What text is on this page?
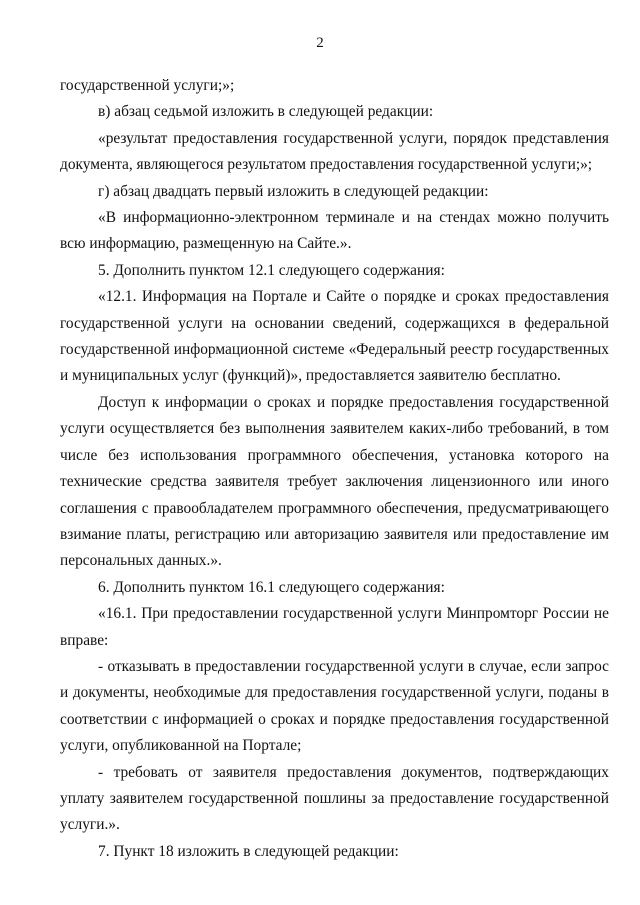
2

государственной услуги;»;

в) абзац седьмой изложить в следующей редакции:

«результат предоставления государственной услуги, порядок представления документа, являющегося результатом предоставления государственной услуги;»;

г) абзац двадцать первый изложить в следующей редакции:

«В информационно-электронном терминале и на стендах можно получить всю информацию, размещенную на Сайте.».

5. Дополнить пунктом 12.1 следующего содержания:

«12.1. Информация на Портале и Сайте о порядке и сроках предоставления государственной услуги на основании сведений, содержащихся в федеральной государственной информационной системе «Федеральный реестр государственных и муниципальных услуг (функций)», предоставляется заявителю бесплатно.

Доступ к информации о сроках и порядке предоставления государственной услуги осуществляется без выполнения заявителем каких-либо требований, в том числе без использования программного обеспечения, установка которого на технические средства заявителя требует заключения лицензионного или иного соглашения с правообладателем программного обеспечения, предусматривающего взимание платы, регистрацию или авторизацию заявителя или предоставление им персональных данных.».

6. Дополнить пунктом 16.1 следующего содержания:

«16.1. При предоставлении государственной услуги Минпромторг России не вправе:

- отказывать в предоставлении государственной услуги в случае, если запрос и документы, необходимые для предоставления государственной услуги, поданы в соответствии с информацией о сроках и порядке предоставления государственной услуги, опубликованной на Портале;

- требовать от заявителя предоставления документов, подтверждающих уплату заявителем государственной пошлины за предоставление государственной услуги.».

7. Пункт 18 изложить в следующей редакции:
